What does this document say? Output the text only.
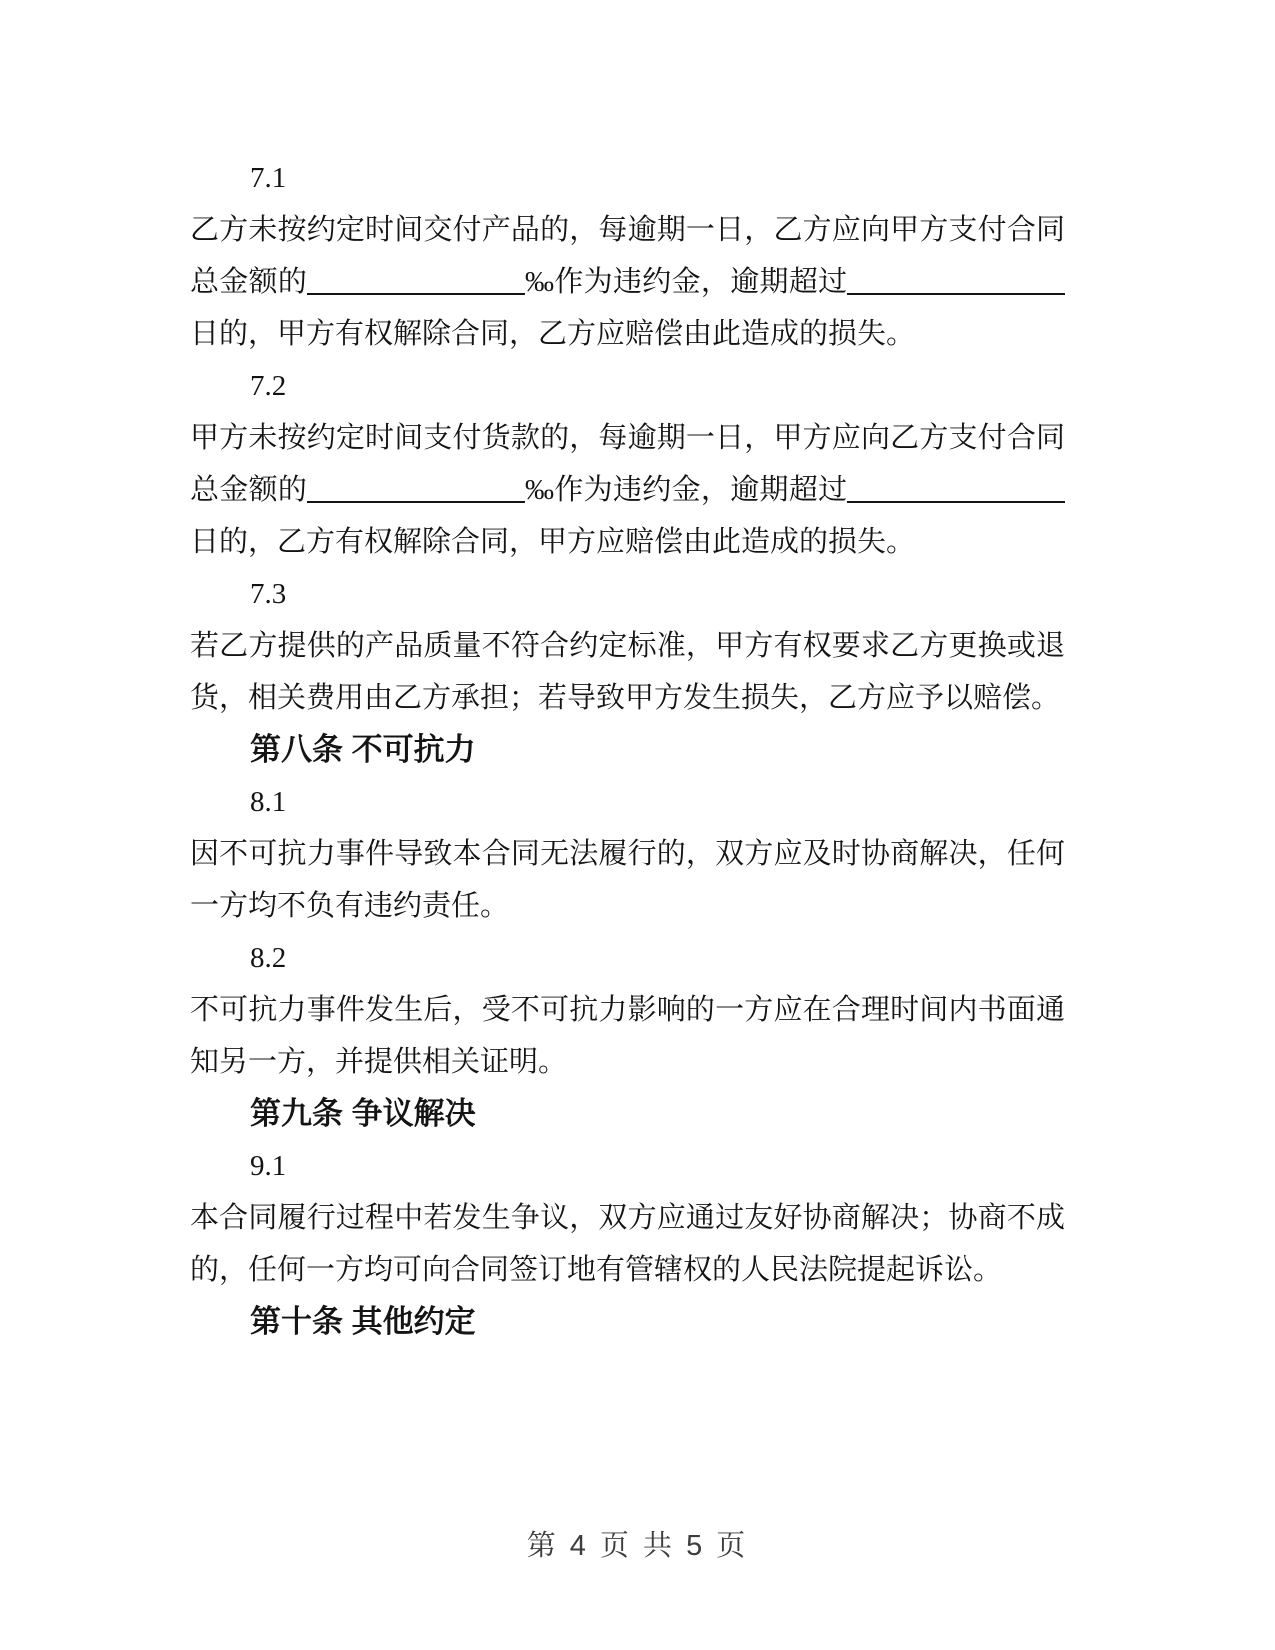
7.1
乙方未按约定时间交付产品的，每逾期一日，乙方应向甲方支付合同
总金额的	‰作为违约金，逾期超过
日的，甲方有权解除合同，乙方应赔偿由此造成的损失。
7.2
甲方未按约定时间支付货款的，每逾期一日，甲方应向乙方支付合同
总金额的	‰作为违约金，逾期超过
日的，乙方有权解除合同，甲方应赔偿由此造成的损失。
7.3
若乙方提供的产品质量不符合约定标准，甲方有权要求乙方更换或退
货，相关费用由乙方承担；若导致甲方发生损失，乙方应予以赔偿。
第八条 不可抗力
8.1
因不可抗力事件导致本合同无法履行的，双方应及时协商解决，任何
一方均不负有违约责任。
8.2
不可抗力事件发生后，受不可抗力影响的一方应在合理时间内书面通
知另一方，并提供相关证明。
第九条 争议解决
9.1
本合同履行过程中若发生争议，双方应通过友好协商解决；协商不成
的，任何一方均可向合同签订地有管辖权的人民法院提起诉讼。
第十条 其他约定
第 4 页 共 5 页
